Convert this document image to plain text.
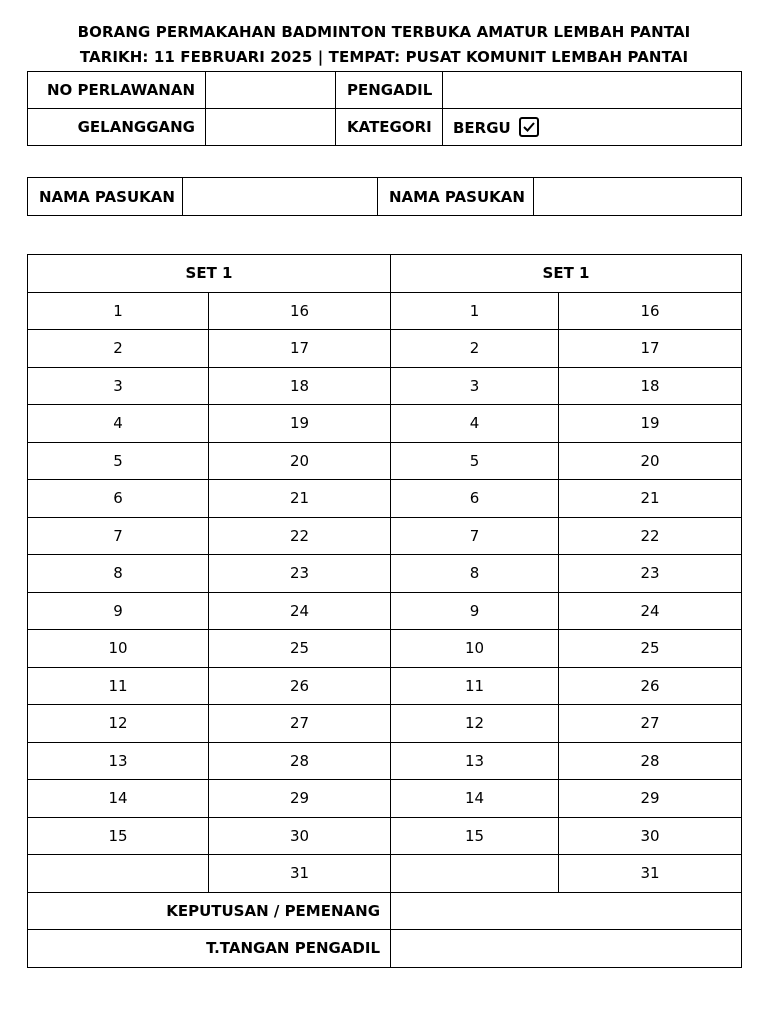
BORANG PERMAKAHAN BADMINTON TERBUKA AMATUR LEMBAH PANTAI
TARIKH: 11 FEBRUARI 2025 | TEMPAT: PUSAT KOMUNIT LEMBAH PANTAI
NO PERLAWANAN		PENGADIL	
GELANGGANG		KATEGORI	BERGU
NAMA PASUKAN		NAMA PASUKAN	
SET 1		SET 1	
1	16	1	16
2	17	2	17
3	18	3	18
4	19	4	19
5	20	5	20
6	21	6	21
7	22	7	22
8	23	8	23
9	24	9	24
10	25	10	25
11	26	11	26
12	27	12	27
13	28	13	28
14	29	14	29
15	30	15	30
	31		31
KEPUTUSAN / PEMENANG			
T.TANGAN PENGADIL			
